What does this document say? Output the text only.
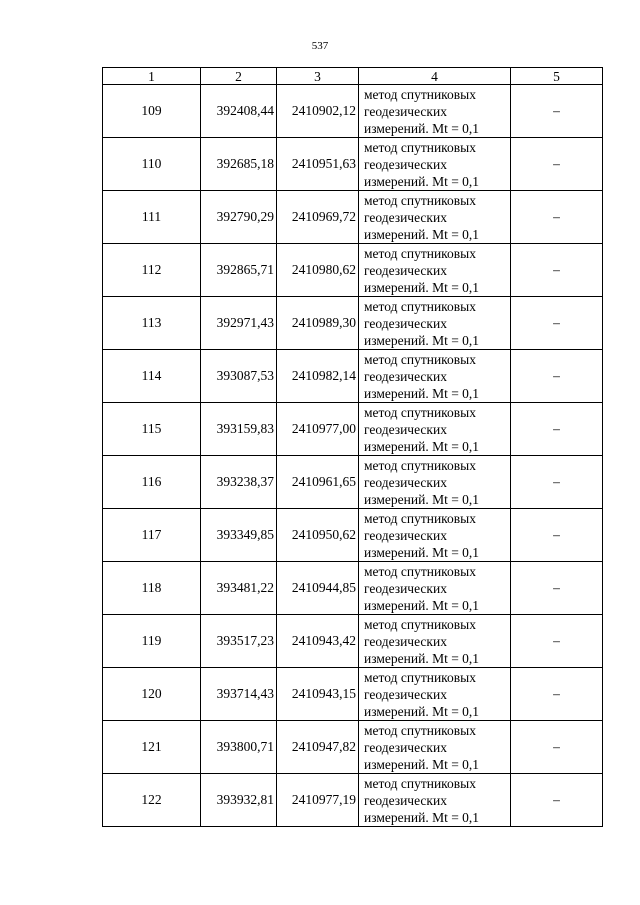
537
1	2	3	4	5
109	392408,44	2410902,12	метод спутниковых
геодезических
измерений. Mt = 0,1	–
110	392685,18	2410951,63	метод спутниковых
геодезических
измерений. Mt = 0,1	–
111	392790,29	2410969,72	метод спутниковых
геодезических
измерений. Mt = 0,1	–
112	392865,71	2410980,62	метод спутниковых
геодезических
измерений. Mt = 0,1	–
113	392971,43	2410989,30	метод спутниковых
геодезических
измерений. Mt = 0,1	–
114	393087,53	2410982,14	метод спутниковых
геодезических
измерений. Mt = 0,1	–
115	393159,83	2410977,00	метод спутниковых
геодезических
измерений. Mt = 0,1	–
116	393238,37	2410961,65	метод спутниковых
геодезических
измерений. Mt = 0,1	–
117	393349,85	2410950,62	метод спутниковых
геодезических
измерений. Mt = 0,1	–
118	393481,22	2410944,85	метод спутниковых
геодезических
измерений. Mt = 0,1	–
119	393517,23	2410943,42	метод спутниковых
геодезических
измерений. Mt = 0,1	–
120	393714,43	2410943,15	метод спутниковых
геодезических
измерений. Mt = 0,1	–
121	393800,71	2410947,82	метод спутниковых
геодезических
измерений. Mt = 0,1	–
122	393932,81	2410977,19	метод спутниковых
геодезических
измерений. Mt = 0,1	–
